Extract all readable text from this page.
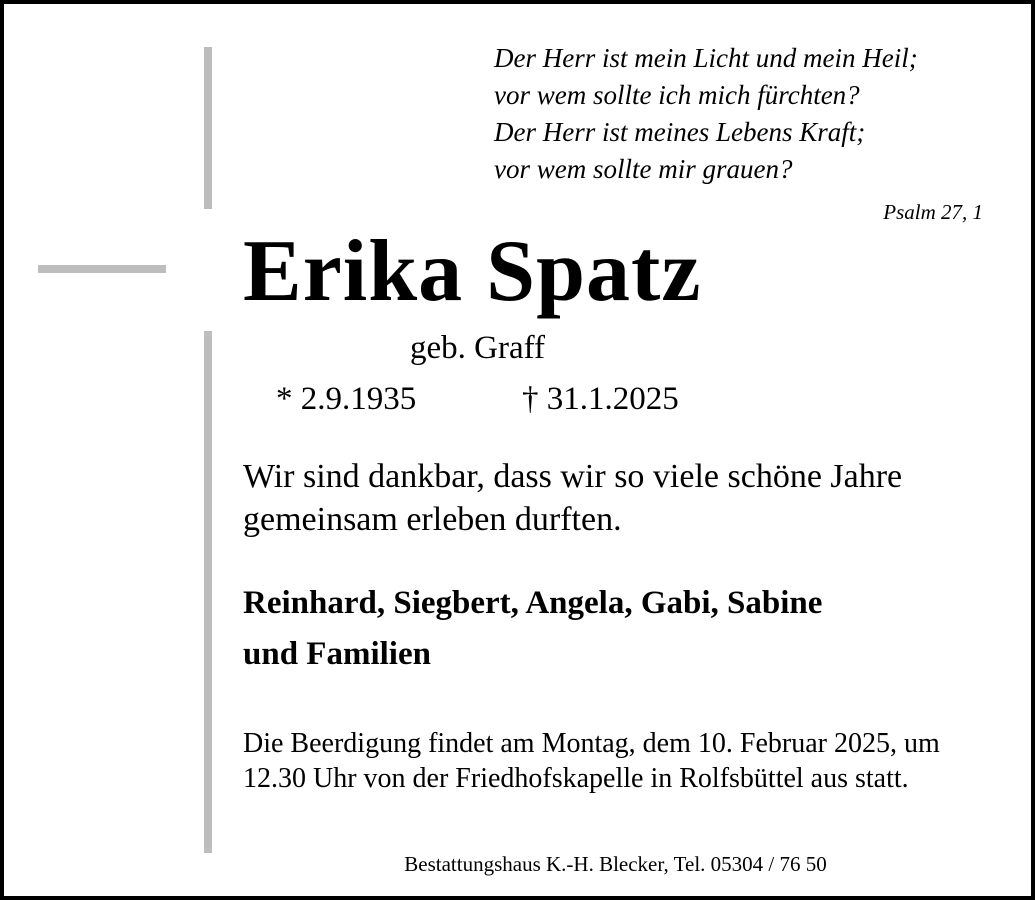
Der Herr ist mein Licht und mein Heil;
vor wem sollte ich mich fürchten?
Der Herr ist meines Lebens Kraft;
vor wem sollte mir grauen?
Psalm 27, 1
Erika Spatz
geb. Graff
* 2.9.1935	† 31.1.2025

Wir sind dankbar, dass wir so viele schöne Jahre gemeinsam erleben durften.

Reinhard, Siegbert, Angela, Gabi, Sabine
und Familien

Die Beerdigung findet am Montag, dem 10. Februar 2025, um 12.30 Uhr von der Friedhofskapelle in Rolfsbüttel aus statt.

Bestattungshaus K.-H. Blecker, Tel. 05304 / 76 50
